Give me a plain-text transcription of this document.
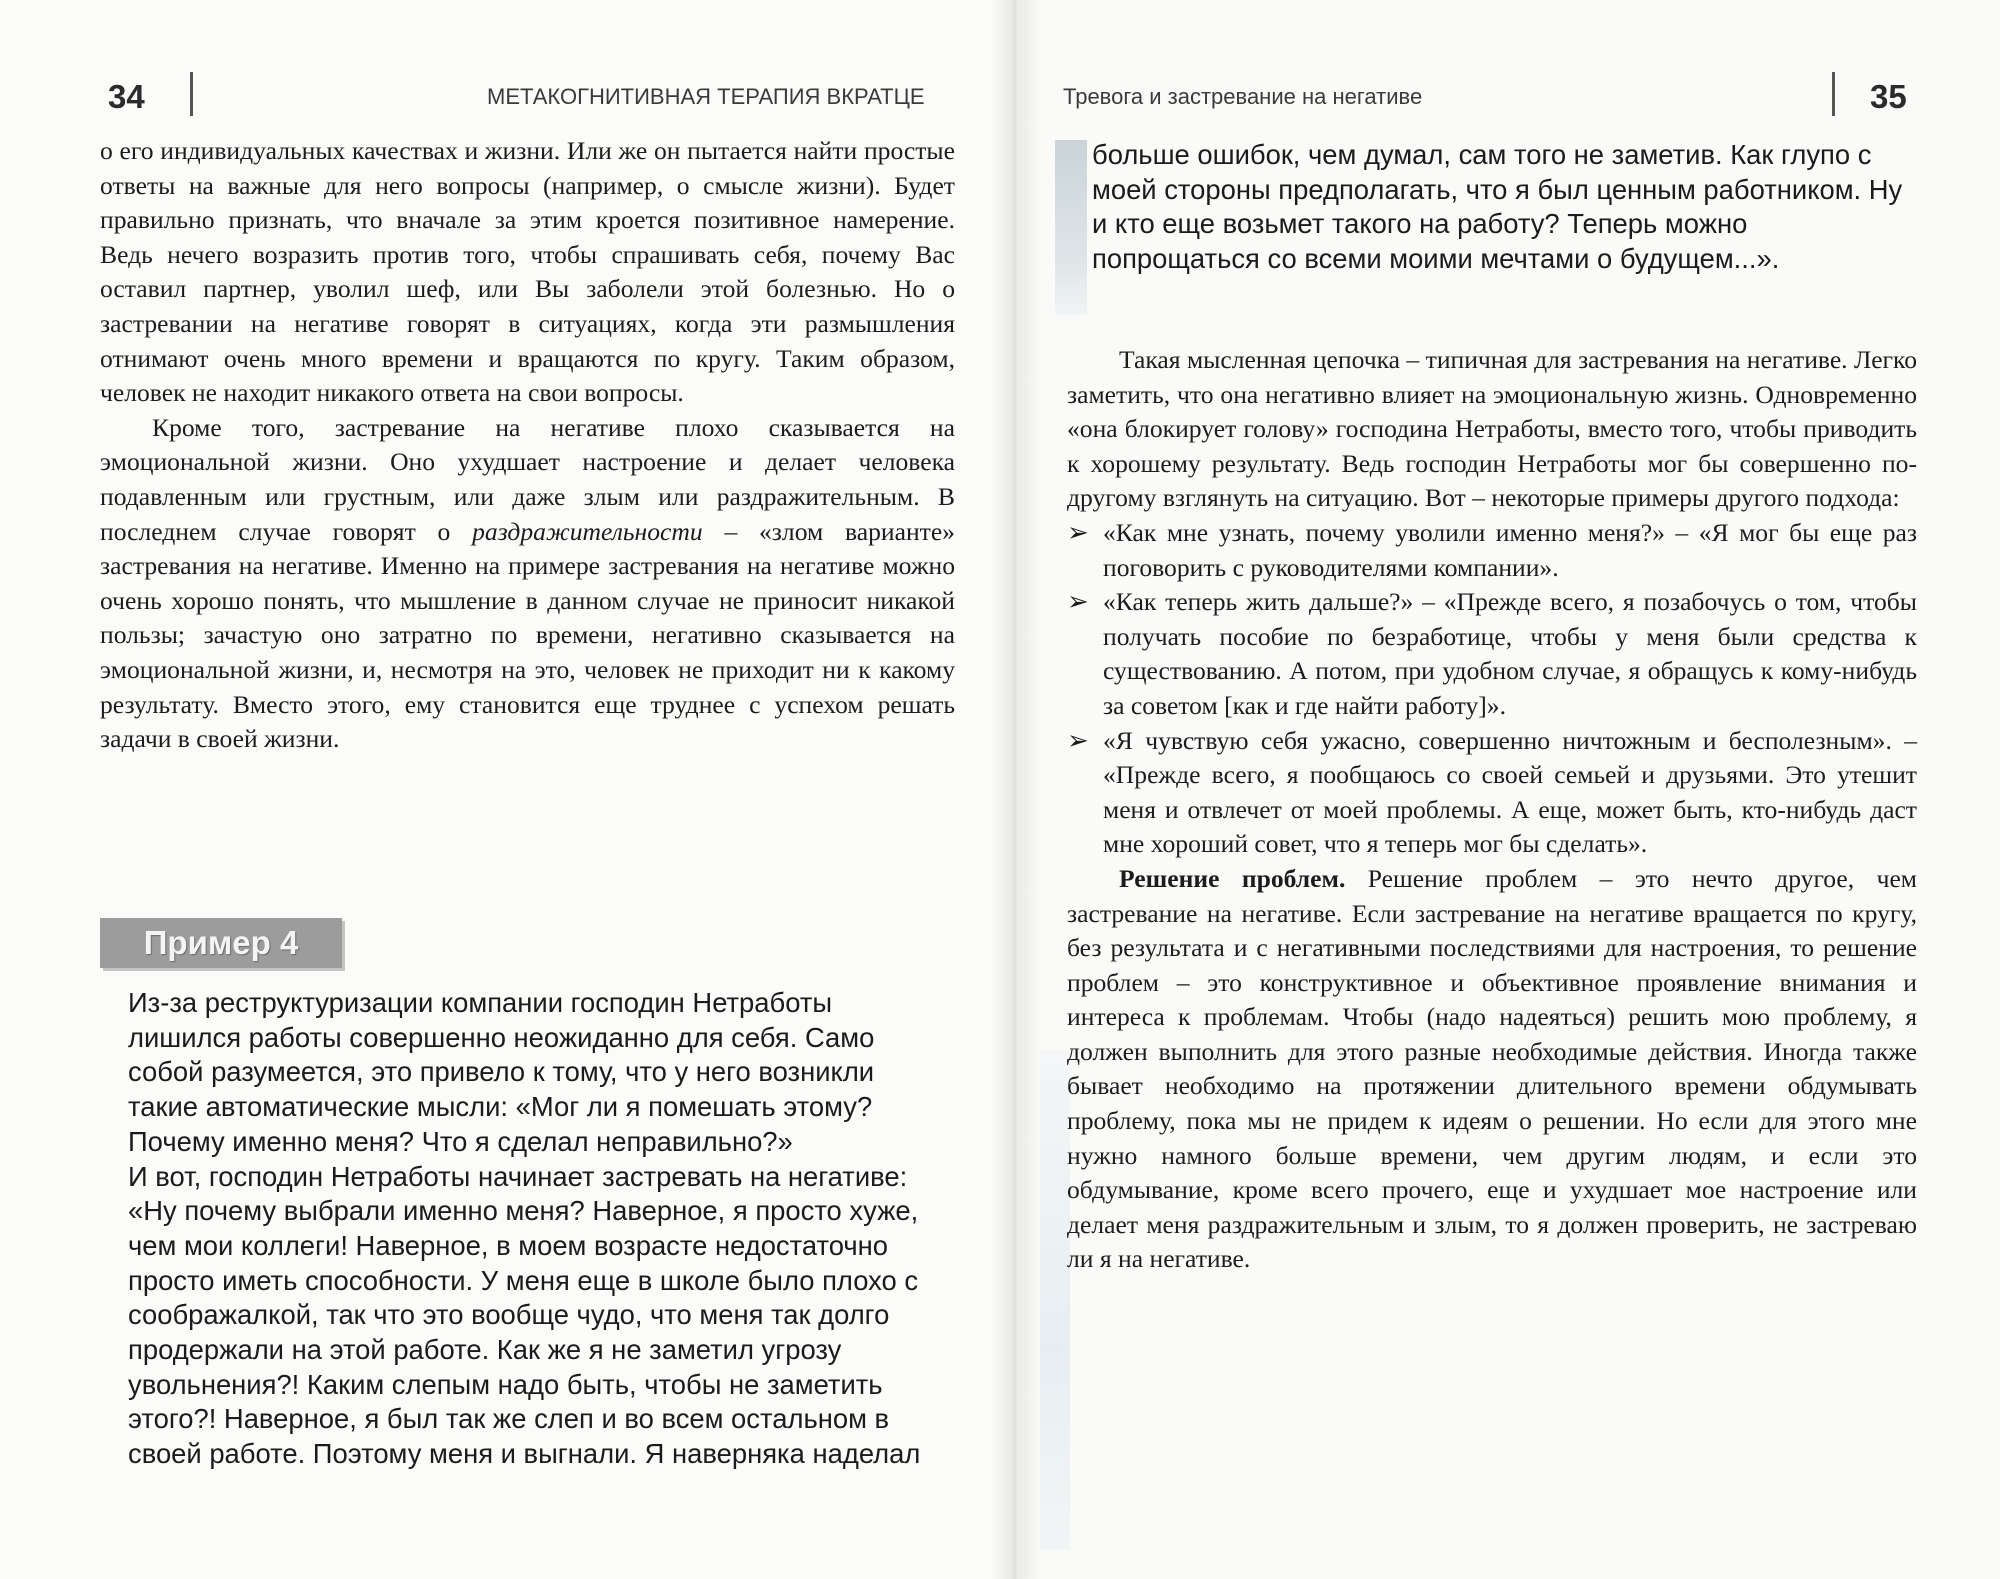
34	МЕТАКОГНИТИВНАЯ ТЕРАПИЯ ВКРАТЦЕ

о его индивидуальных качествах и жизни. Или же он пытается найти простые ответы на важные для него вопросы (например, о смысле жизни). Будет правильно признать, что вначале за этим кроется позитивное намерение. Ведь нечего возразить против того, чтобы спрашивать себя, почему Вас оставил партнер, уволил шеф, или Вы заболели этой болезнью. Но о застревании на негативе говорят в ситуациях, когда эти размышления отнимают очень много времени и вращаются по кругу. Таким образом, человек не находит никакого ответа на свои вопросы.

Кроме того, застревание на негативе плохо сказывается на эмоциональной жизни. Оно ухудшает настроение и делает человека подавленным или грустным, или даже злым или раздражительным. В последнем случае говорят о раздражительности – «злом варианте» застревания на негативе. Именно на примере застревания на негативе можно очень хорошо понять, что мышление в данном случае не приносит никакой пользы; зачастую оно затратно по времени, негативно сказывается на эмоциональной жизни, и, несмотря на это, человек не приходит ни к какому результату. Вместо этого, ему становится еще труднее с успехом решать задачи в своей жизни.

Пример 4

Из-за реструктуризации компании господин Нетработы лишился работы совершенно неожиданно для себя. Само собой разумеется, это привело к тому, что у него возникли такие автоматические мысли: «Мог ли я помешать этому? Почему именно меня? Что я сделал неправильно?»

И вот, господин Нетработы начинает застревать на негативе: «Ну почему выбрали именно меня? Наверное, я просто хуже, чем мои коллеги! Наверное, в моем возрасте недостаточно просто иметь способности. У меня еще в школе было плохо с соображалкой, так что это вообще чудо, что меня так долго продержали на этой работе. Как же я не заметил угрозу увольнения?! Каким слепым надо быть, чтобы не заметить этого?! Наверное, я был так же слеп и во всем остальном в своей работе. Поэтому меня и выгнали. Я наверняка наделал

Тревога и застревание на негативе	35

больше ошибок, чем думал, сам того не заметив. Как глупо с моей стороны предполагать, что я был ценным работником. Ну и кто еще возьмет такого на работу? Теперь можно попрощаться со всеми моими мечтами о будущем...».

Такая мысленная цепочка – типичная для застревания на негативе. Легко заметить, что она негативно влияет на эмоциональную жизнь. Одновременно «она блокирует голову» господина Нетработы, вместо того, чтобы приводить к хорошему результату. Ведь господин Нетработы мог бы совершенно по-другому взглянуть на ситуацию. Вот – некоторые примеры другого подхода:

➢ «Как мне узнать, почему уволили именно меня?» – «Я мог бы еще раз поговорить с руководителями компании».
➢ «Как теперь жить дальше?» – «Прежде всего, я позабочусь о том, чтобы получать пособие по безработице, чтобы у меня были средства к существованию. А потом, при удобном случае, я обращусь к кому-нибудь за советом [как и где найти работу]».
➢ «Я чувствую себя ужасно, совершенно ничтожным и бесполезным». – «Прежде всего, я пообщаюсь со своей семьей и друзьями. Это утешит меня и отвлечет от моей проблемы. А еще, может быть, кто-нибудь даст мне хороший совет, что я теперь мог бы сделать».

Решение проблем. Решение проблем – это нечто другое, чем застревание на негативе. Если застревание на негативе вращается по кругу, без результата и с негативными последствиями для настроения, то решение проблем – это конструктивное и объективное проявление внимания и интереса к проблемам. Чтобы (надо надеяться) решить мою проблему, я должен выполнить для этого разные необходимые действия. Иногда также бывает необходимо на протяжении длительного времени обдумывать проблему, пока мы не придем к идеям о решении. Но если для этого мне нужно намного больше времени, чем другим людям, и если это обдумывание, кроме всего прочего, еще и ухудшает мое настроение или делает меня раздражительным и злым, то я должен проверить, не застреваю ли я на негативе.
